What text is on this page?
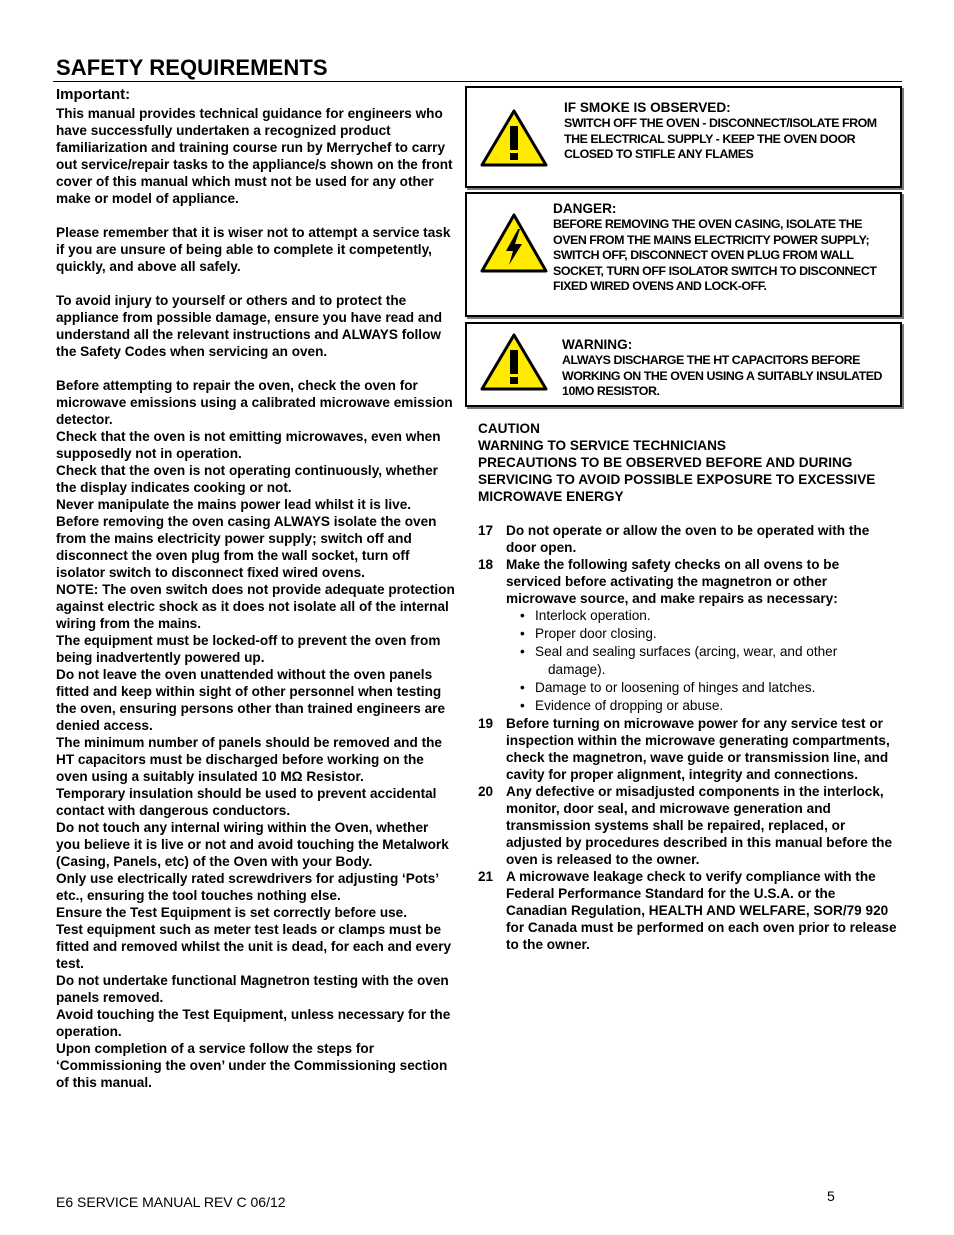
SAFETY REQUIREMENTS
Important:

This manual provides technical guidance for engineers who have successfully undertaken a recognized product familiarization and training course run by Merrychef to carry out service/repair tasks to the appliance/s shown on the front cover of this manual which must not be used for any other make or model of appliance.

Please remember that it is wiser not to attempt a service task if you are unsure of being able to complete it competently, quickly, and above all safely.

To avoid injury to yourself or others and to protect the appliance from possible damage, ensure you have read and understand all the relevant instructions and ALWAYS follow the Safety Codes when servicing an oven.

Before attempting to repair the oven, check the oven for microwave emissions using a calibrated microwave emission detector.

Check that the oven is not emitting microwaves, even when supposedly not in operation.

Check that the oven is not operating continuously, whether the display indicates cooking or not.

Never manipulate the mains power lead whilst it is live.

Before removing the oven casing ALWAYS isolate the oven from the mains electricity power supply; switch off and disconnect the oven plug from the wall socket, turn off isolator switch to disconnect fixed wired ovens.

NOTE: The oven switch does not provide adequate protection against electric shock as it does not isolate all of the internal wiring from the mains.

The equipment must be locked-off to prevent the oven from being inadvertently powered up.

Do not leave the oven unattended without the oven panels fitted and keep within sight of other personnel when testing the oven, ensuring persons other than trained engineers are denied access.

The minimum number of panels should be removed and the HT capacitors must be discharged before working on the oven using a suitably insulated 10 MΩ Resistor.

Temporary insulation should be used to prevent accidental contact with dangerous conductors.

Do not touch any internal wiring within the Oven, whether you believe it is live or not and avoid touching the Metalwork (Casing, Panels, etc) of the Oven with your Body.

Only use electrically rated screwdrivers for adjusting ‘Pots’ etc., ensuring the tool touches nothing else.

Ensure the Test Equipment is set correctly before use.

Test equipment such as meter test leads or clamps must be fitted and removed whilst the unit is dead, for each and every test.

Do not undertake functional Magnetron testing with the oven panels removed.

Avoid touching the Test Equipment, unless necessary for the operation.

Upon completion of a service follow the steps for ‘Commissioning the oven’ under the Commissioning section of this manual.

IF SMOKE IS OBSERVED:
SWITCH OFF THE OVEN - DISCONNECT/ISOLATE FROM THE ELECTRICAL SUPPLY - KEEP THE OVEN DOOR CLOSED TO STIFLE ANY FLAMES
DANGER:
BEFORE REMOVING THE OVEN CASING, ISOLATE THE OVEN FROM THE MAINS ELECTRICITY POWER SUPPLY; SWITCH OFF, DISCONNECT OVEN PLUG FROM WALL SOCKET, TURN OFF ISOLATOR SWITCH TO DISCONNECT FIXED WIRED OVENS AND LOCK-OFF.
WARNING:
ALWAYS DISCHARGE THE HT CAPACITORS BEFORE WORKING ON THE OVEN USING A SUITABLY INSULATED 10MO RESISTOR.

CAUTION

WARNING TO SERVICE TECHNICIANS

PRECAUTIONS TO BE OBSERVED BEFORE AND DURING SERVICING TO AVOID POSSIBLE EXPOSURE TO EXCESSIVE MICROWAVE ENERGY

17 Do not operate or allow the oven to be operated with the door open.
18 Make the following safety checks on all ovens to be serviced before activating the magnetron or other microwave source, and make repairs as necessary:
• Interlock operation.
• Proper door closing.
• Seal and sealing surfaces (arcing, wear, and other
damage).
• Damage to or loosening of hinges and latches.
• Evidence of dropping or abuse.
19 Before turning on microwave power for any service test or inspection within the microwave generating compartments, check the magnetron, wave guide or transmission line, and cavity for proper alignment, integrity and connections.
20 Any defective or misadjusted components in the interlock, monitor, door seal, and microwave generation and transmission systems shall be repaired, replaced, or adjusted by procedures described in this manual before the oven is released to the owner.
21 A microwave leakage check to verify compliance with the Federal Performance Standard for the U.S.A. or the Canadian Regulation, HEALTH AND WELFARE, SOR/79 920 for Canada must be performed on each oven prior to release to the owner.
E6 SERVICE MANUAL REV C 06/12	5
